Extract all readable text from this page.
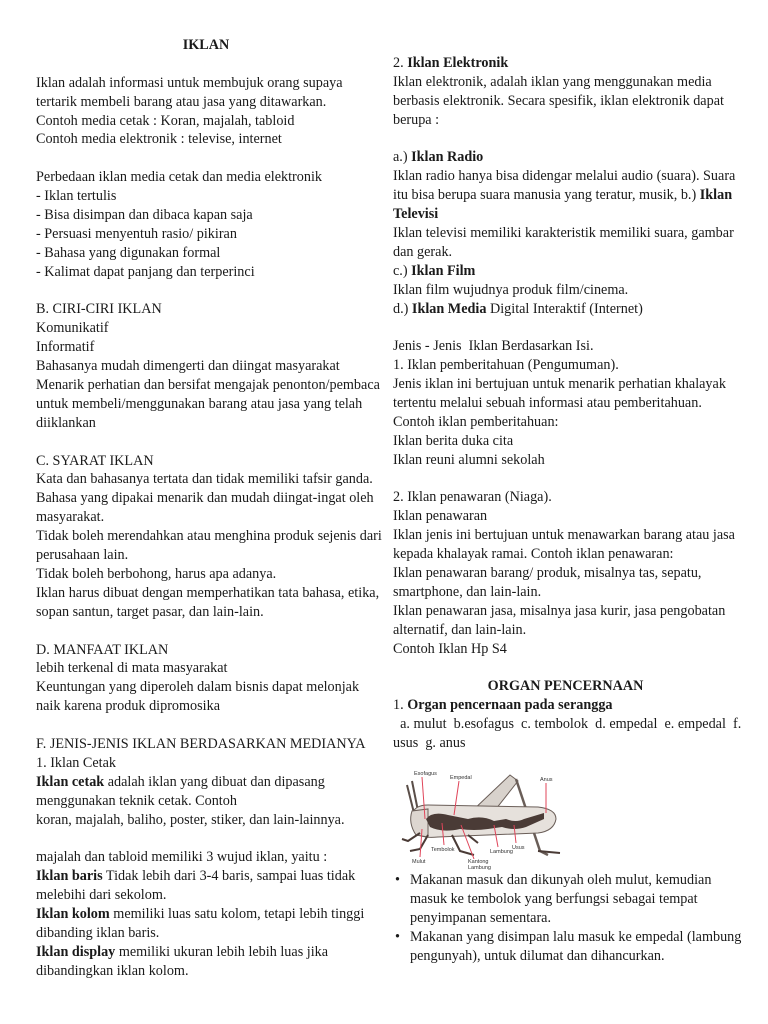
IKLAN
Iklan adalah informasi untuk membujuk orang supaya
tertarik membeli barang atau jasa yang ditawarkan.
Contoh media cetak : Koran, majalah, tabloid
Contoh media elektronik : televise, internet
Perbedaan iklan media cetak dan media elektronik
- Iklan tertulis
- Bisa disimpan dan dibaca kapan saja
- Persuasi menyentuh rasio/ pikiran
- Bahasa yang digunakan formal
- Kalimat dapat panjang dan terperinci
B. CIRI-CIRI IKLAN
Komunikatif
Informatif
Bahasanya mudah dimengerti dan diingat masyarakat
Menarik perhatian dan bersifat mengajak penonton/pembaca
untuk membeli/menggunakan barang atau jasa yang telah
diiklankan
C. SYARAT IKLAN
Kata dan bahasanya tertata dan tidak memiliki tafsir ganda.
Bahasa yang dipakai menarik dan mudah diingat-ingat oleh
masyarakat.
Tidak boleh merendahkan atau menghina produk sejenis dari
perusahaan lain.
Tidak boleh berbohong, harus apa adanya.
Iklan harus dibuat dengan memperhatikan tata bahasa, etika,
sopan santun, target pasar, dan lain-lain.
D. MANFAAT IKLAN
lebih terkenal di mata masyarakat
Keuntungan yang diperoleh dalam bisnis dapat melonjak
naik karena produk dipromosika
F. JENIS-JENIS IKLAN BERDASARKAN MEDIANYA
1. Iklan Cetak
Iklan cetak adalah iklan yang dibuat dan dipasang
menggunakan teknik cetak. Contoh
koran, majalah, baliho, poster, stiker, dan lain-lainnya.
majalah dan tabloid memiliki 3 wujud iklan, yaitu :
Iklan baris Tidak lebih dari 3-4 baris, sampai luas tidak
melebihi dari sekolom.
Iklan kolom memiliki luas satu kolom, tetapi lebih tinggi
dibanding iklan baris.
Iklan display memiliki ukuran lebih lebih luas jika
dibandingkan iklan kolom.
2. Iklan Elektronik
Iklan elektronik, adalah iklan yang menggunakan media
berbasis elektronik. Secara spesifik, iklan elektronik dapat
berupa :
a.) Iklan Radio
Iklan radio hanya bisa didengar melalui audio (suara). Suara
itu bisa berupa suara manusia yang teratur, musik, b.) Iklan
Televisi
Iklan televisi memiliki karakteristik memiliki suara, gambar
dan gerak.
c.) Iklan Film
Iklan film wujudnya produk film/cinema.
d.) Iklan Media Digital Interaktif (Internet)
Jenis - Jenis  Iklan Berdasarkan Isi.
1. Iklan pemberitahuan (Pengumuman).
Jenis iklan ini bertujuan untuk menarik perhatian khalayak
tertentu melalui sebuah informasi atau pemberitahuan.
Contoh iklan pemberitahuan:
Iklan berita duka cita
Iklan reuni alumni sekolah
2. Iklan penawaran (Niaga).
Iklan penawaran
Iklan jenis ini bertujuan untuk menawarkan barang atau jasa
kepada khalayak ramai. Contoh iklan penawaran:
Iklan penawaran barang/ produk, misalnya tas, sepatu,
smartphone, dan lain-lain.
Iklan penawaran jasa, misalnya jasa kurir, jasa pengobatan
alternatif, dan lain-lain.
Contoh Iklan Hp S4
ORGAN PENCERNAAN
1. Organ pencernaan pada serangga
a. mulut  b.esofagus  c. tembolok  d. empedal  e. empedal  f.
usus  g. anus
Esofagus
Empedal	Anus
Tembolok
Mulut
Lambung
Usus
Kantong
Lambung
• Makanan masuk dan dikunyah oleh mulut, kemudian
masuk ke tembolok yang berfungsi sebagai tempat
penyimpanan sementara.
• Makanan yang disimpan lalu masuk ke empedal (lambung
pengunyah), untuk dilumat dan dihancurkan.
